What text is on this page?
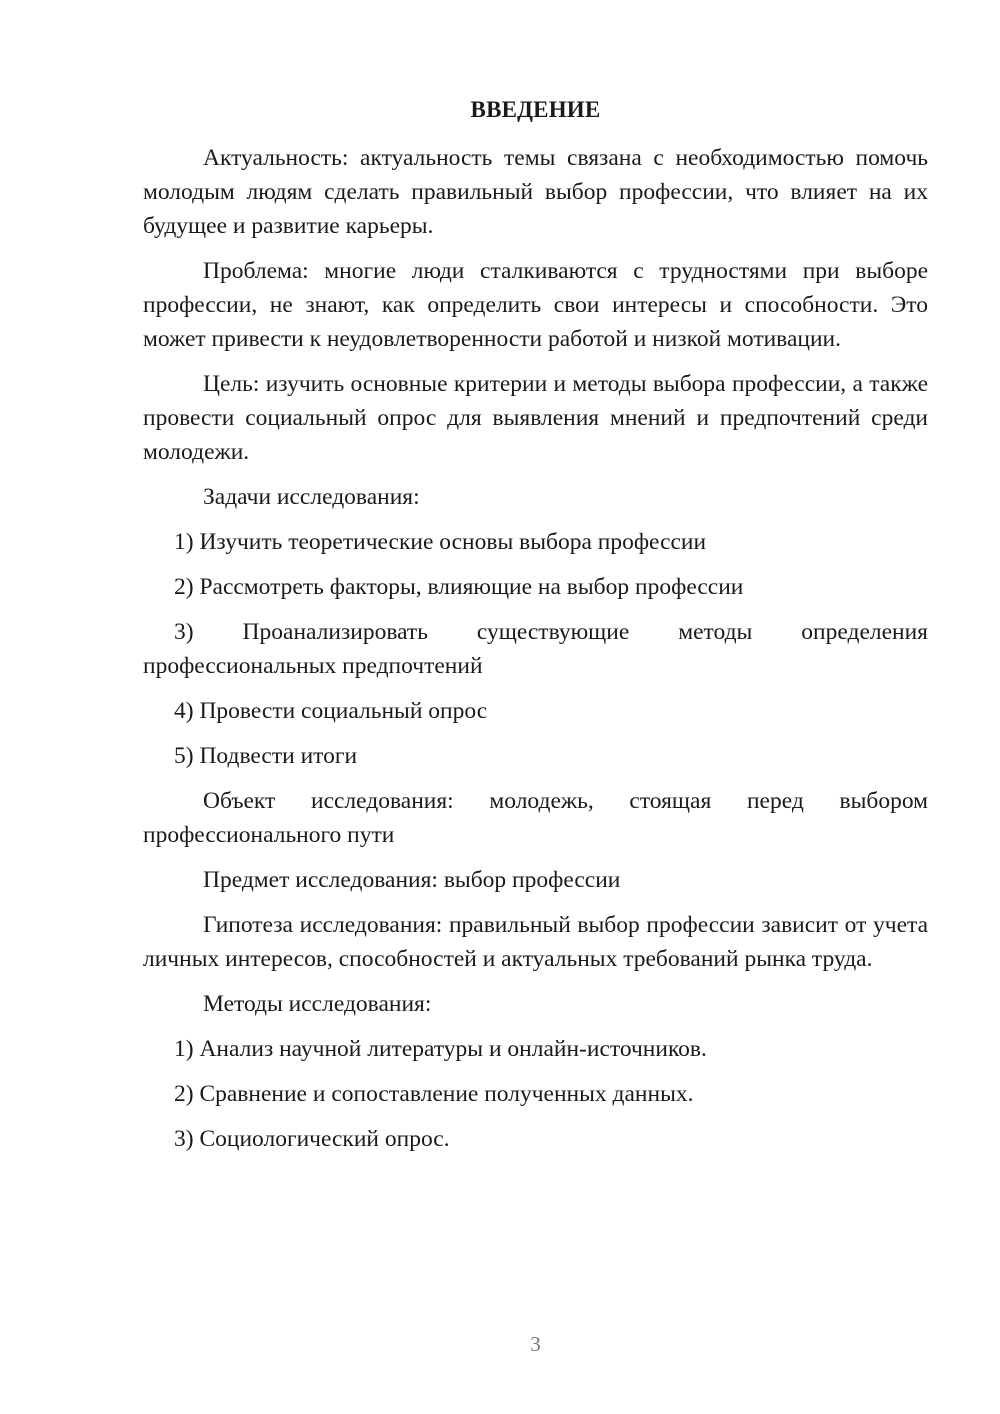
ВВЕДЕНИЕ

Актуальность: актуальность темы связана с необходимостью помочь молодым людям сделать правильный выбор профессии, что влияет на их будущее и развитие карьеры.

Проблема: многие люди сталкиваются с трудностями при выборе профессии, не знают, как определить свои интересы и способности. Это может привести к неудовлетворенности работой и низкой мотивации.

Цель: изучить основные критерии и методы выбора профессии, а также провести социальный опрос для выявления мнений и предпочтений среди молодежи.

Задачи исследования:

1) Изучить теоретические основы выбора профессии

2) Рассмотреть факторы, влияющие на выбор профессии

3) Проанализировать существующие методы определения профессиональных предпочтений

4) Провести социальный опрос

5) Подвести итоги

Объект исследования: молодежь, стоящая перед выбором профессионального пути

Предмет исследования: выбор профессии

Гипотеза исследования: правильный выбор профессии зависит от учета личных интересов, способностей и актуальных требований рынка труда.

Методы исследования:

1) Анализ научной литературы и онлайн-источников.

2) Сравнение и сопоставление полученных данных.

3) Социологический опрос.

3
